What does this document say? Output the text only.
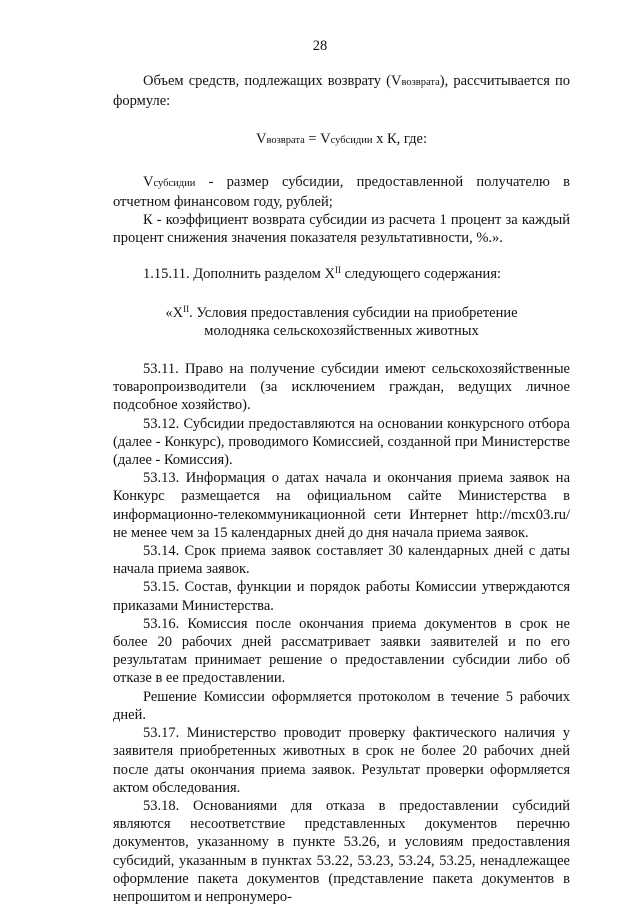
28

Объем средств, подлежащих возврату (Vвозврата), рассчитывается по формуле:

Vвозврата = Vсубсидии x К, где:

Vсубсидии - размер субсидии, предоставленной получателю в отчетном финансовом году, рублей;

К - коэффициент возврата субсидии из расчета 1 процент за каждый процент снижения значения показателя результативности, %.».

1.15.11. Дополнить разделом $X^{II}$ следующего содержания:

«$X^{II}$. Условия предоставления субсидии на приобретение

молодняка сельскохозяйственных животных

53.11. Право на получение субсидии имеют сельскохозяйственные товаропроизводители (за исключением граждан, ведущих личное подсобное хозяйство).

53.12. Субсидии предоставляются на основании конкурсного отбора (далее - Конкурс), проводимого Комиссией, созданной при Министерстве (далее - Комиссия).

53.13. Информация о датах начала и окончания приема заявок на Конкурс размещается на официальном сайте Министерства в информационно-телекоммуникационной сети Интернет http://mcx03.ru/ не менее чем за 15 календарных дней до дня начала приема заявок.

53.14. Срок приема заявок составляет 30 календарных дней с даты начала приема заявок.

53.15. Состав, функции и порядок работы Комиссии утверждаются приказами Министерства.

53.16. Комиссия после окончания приема документов в срок не более 20 рабочих дней рассматривает заявки заявителей и по его результатам принимает решение о предоставлении субсидии либо об отказе в ее предоставлении.

Решение Комиссии оформляется протоколом в течение 5 рабочих дней.

53.17. Министерство проводит проверку фактического наличия у заявителя приобретенных животных в срок не более 20 рабочих дней после даты окончания приема заявок. Результат проверки оформляется актом обследования.

53.18. Основаниями для отказа в предоставлении субсидий являются несоответствие представленных документов перечню документов, указанному в пункте 53.26, и условиям предоставления субсидий, указанным в пунктах 53.22, 53.23, 53.24, 53.25, ненадлежащее оформление пакета документов (представление пакета документов в непрошитом и непронумеро-
